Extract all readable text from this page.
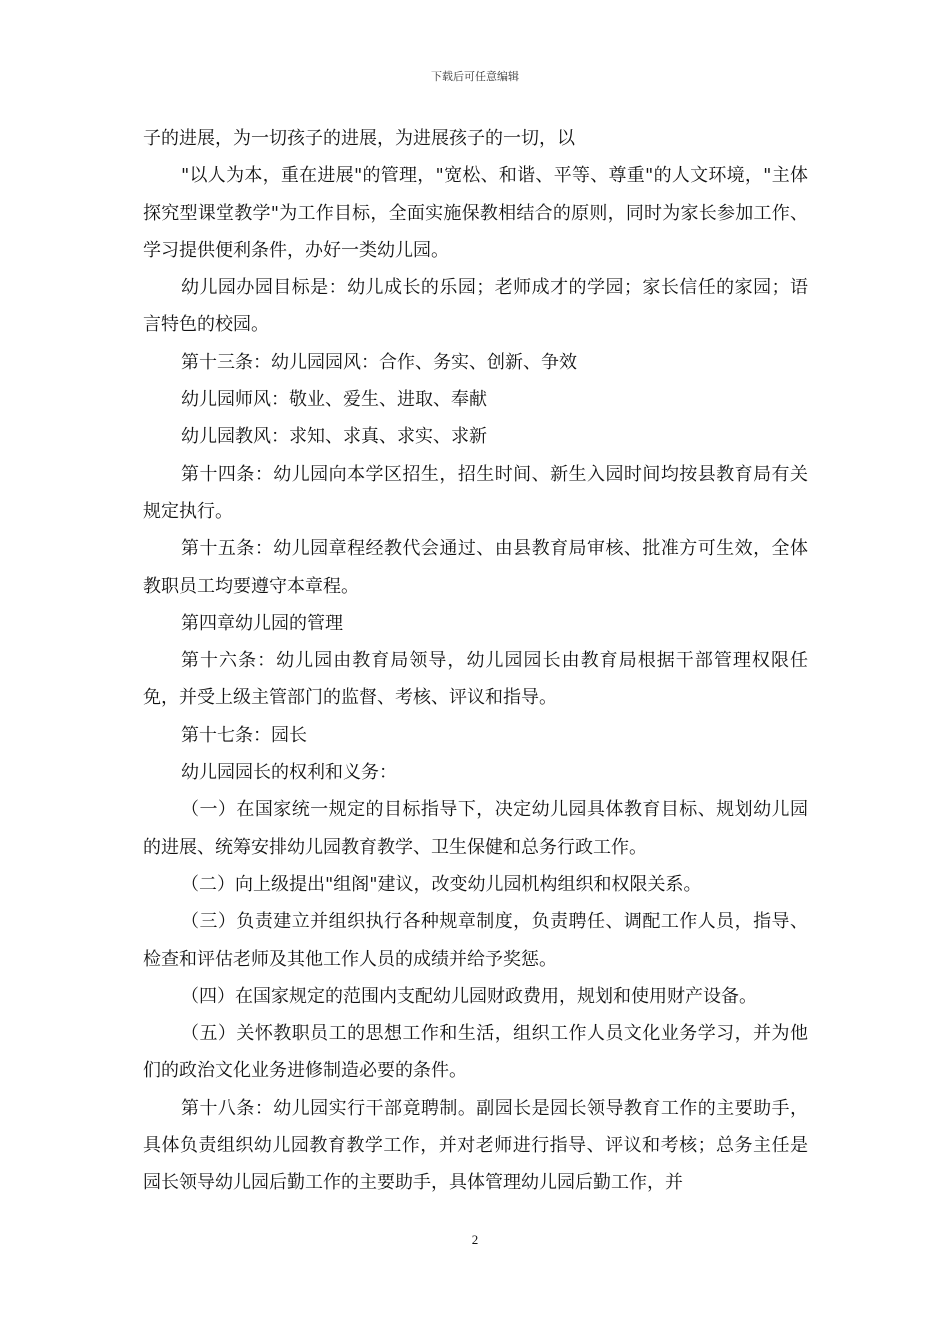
下载后可任意编辑

子的进展，为一切孩子的进展，为进展孩子的一切，以

"以人为本，重在进展"的管理，"宽松、和谐、平等、尊重"的人文环境，"主体探究型课堂教学"为工作目标，全面实施保教相结合的原则，同时为家长参加工作、学习提供便利条件，办好一类幼儿园。

幼儿园办园目标是：幼儿成长的乐园；老师成才的学园；家长信任的家园；语言特色的校园。

第十三条：幼儿园园风：合作、务实、创新、争效

幼儿园师风：敬业、爱生、进取、奉献

幼儿园教风：求知、求真、求实、求新

第十四条：幼儿园向本学区招生，招生时间、新生入园时间均按县教育局有关规定执行。

第十五条：幼儿园章程经教代会通过、由县教育局审核、批准方可生效，全体教职员工均要遵守本章程。

第四章幼儿园的管理

第十六条：幼儿园由教育局领导，幼儿园园长由教育局根据干部管理权限任免，并受上级主管部门的监督、考核、评议和指导。

第十七条：园长

幼儿园园长的权利和义务：

（一）在国家统一规定的目标指导下，决定幼儿园具体教育目标、规划幼儿园的进展、统筹安排幼儿园教育教学、卫生保健和总务行政工作。

（二）向上级提出"组阁"建议，改变幼儿园机构组织和权限关系。

（三）负责建立并组织执行各种规章制度，负责聘任、调配工作人员，指导、检查和评估老师及其他工作人员的成绩并给予奖惩。

（四）在国家规定的范围内支配幼儿园财政费用，规划和使用财产设备。

（五）关怀教职员工的思想工作和生活，组织工作人员文化业务学习，并为他们的政治文化业务进修制造必要的条件。

第十八条：幼儿园实行干部竟聘制。副园长是园长领导教育工作的主要助手，具体负责组织幼儿园教育教学工作，并对老师进行指导、评议和考核；总务主任是园长领导幼儿园后勤工作的主要助手，具体管理幼儿园后勤工作，并

2
